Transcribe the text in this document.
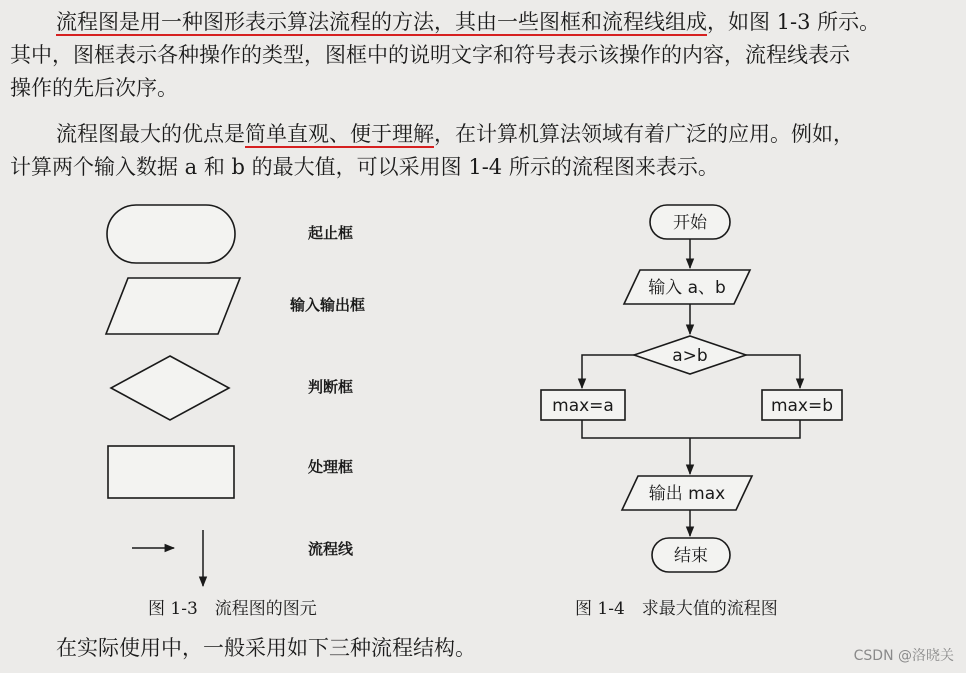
流程图是用一种图形表示算法流程的方法，其由一些图框和流程线组成，如图 1-3 所示。
其中，图框表示各种操作的类型，图框中的说明文字和符号表示该操作的内容，流程线表示
操作的先后次序。
流程图最大的优点是简单直观、便于理解，在计算机算法领域有着广泛的应用。例如，
计算两个输入数据 a 和 b 的最大值，可以采用图 1-4 所示的流程图来表示。
起止框
输入输出框
判断框
处理框
流程线
图 1-3　流程图的图元
开始
输入 a、b
a>b
max=a	max=b
输出 max
结束
图 1-4　求最大值的流程图
在实际使用中，一般采用如下三种流程结构。	CSDN @洛晓关
